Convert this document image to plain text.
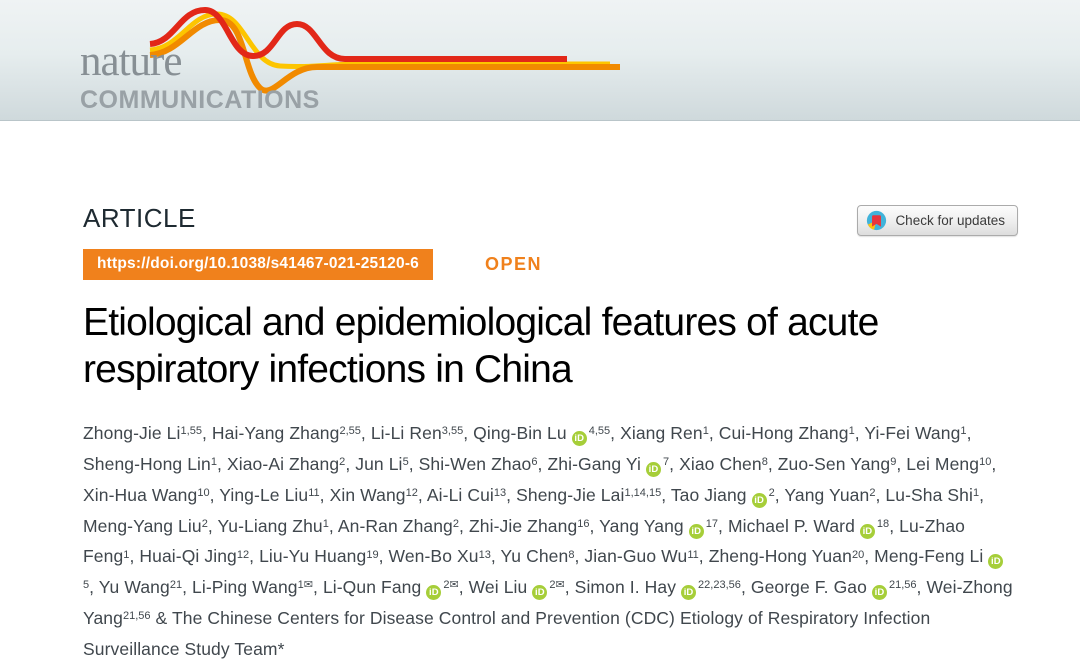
nature
COMMUNICATIONS
ARTICLE	Check for updates
https://doi.org/10.1038/s41467-021-25120-6	OPEN
Etiological and epidemiological features of acute respiratory infections in China

Zhong-Jie Li$^{1,55}$, Hai-Yang Zhang$^{2,55}$, Li-Li Ren$^{3,55}$, Qing-Bin Lu iD$^{4,55}$, Xiang Ren$^1$, Cui-Hong Zhang$^1$, Yi-Fei Wang$^1$, Sheng-Hong Lin$^1$, Xiao-Ai Zhang$^2$, Jun Li$^5$, Shi-Wen Zhao$^6$, Zhi-Gang Yi $iD^7$, Xiao Chen$^8$, Zuo-Sen Yang$^9$, Lei Meng$^{10}$, Xin-Hua Wang$^{10}$, Ying-Le Liu$^{11}$, Xin Wang$^{12}$, Ai-Li Cui$^{13}$, Sheng-Jie Lai$^{1,14,15}$, Tao Jiang $iD^2$, Yang Yuan$^2$, Lu-Sha Shi$^1$, Meng-Yang Liu$^2$, Yu-Liang Zhu$^1$, An-Ran Zhang$^2$, Zhi-Jie Zhang$^{16}$, Yang Yang $iD^{17}$, Michael P. Ward $iD^{18}$, Lu-Zhao Feng$^1$, Huai-Qi Jing$^{12}$, Liu-Yu Huang$^{19}$, Wen-Bo Xu$^{13}$, Yu Chen$^8$, Jian-Guo Wu$^{11}$, Zheng-Hong Yuan$^{20}$, Meng-Feng Li $iD^5$, Yu Wang$^{21}$, Li-Ping Wang$^{1✉}$, Li-Qun Fang $iD^{2✉}$, Wei Liu $iD^{2✉}$, Simon I. Hay iD$^{22,23,56}$, George F. Gao iD$^{21,56}$, Wei-Zhong Yang$^{21,56}$ & The Chinese Centers for Disease Control and Prevention (CDC) Etiology of Respiratory Infection Surveillance Study Team*
